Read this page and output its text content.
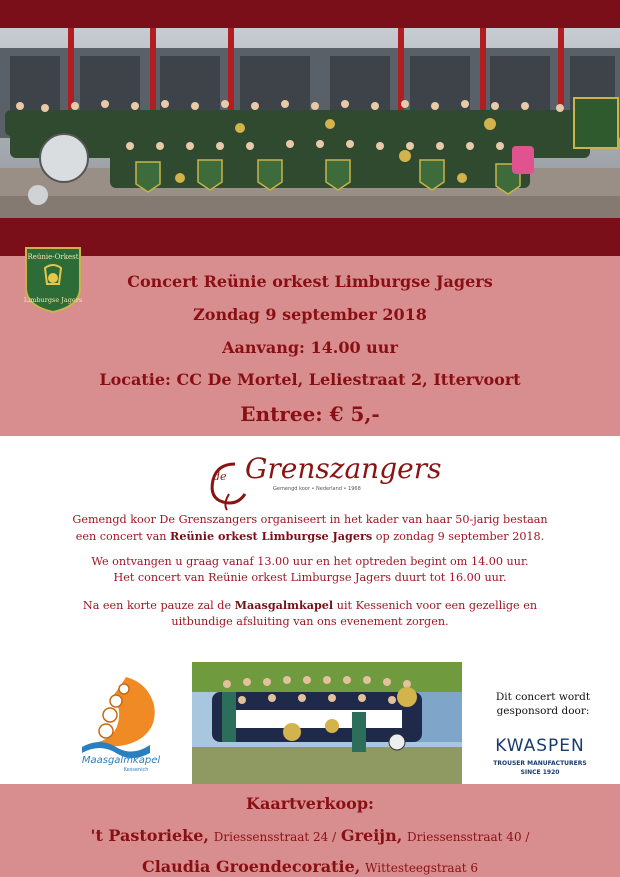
Reünie-Orkest
Limburgse Jagers
Concert Reünie orkest Limburgse Jagers
Zondag 9 september 2018
Aanvang: 14.00 uur
Locatie: CC De Mortel, Leliestraat 2, Ittervoort
Entree: € 5,-
de Grenszangers
Gemengd koor • Nederland • 1968
Gemengd koor De Grenszangers organiseert in het kader van haar 50-jarig bestaan
een concert van Reünie orkest Limburgse Jagers op zondag 9 september 2018.
We ontvangen u graag vanaf 13.00 uur en het optreden begint om 14.00 uur.
Het concert van Reünie orkest Limburgse Jagers duurt tot 16.00 uur.
Na een korte pauze zal de Maasgalmkapel uit Kessenich voor een gezellige en
uitbundige afsluiting van ons evenement zorgen.
Maasgalmkapel
Kessenich
Dit concert wordt
gesponsord door:
KWASPEN
TROUSER MANUFACTURERS
SINCE 1920
Kaartverkoop:
't Pastorieke, Driessensstraat 24 / Greijn, Driessensstraat 40 /
Claudia Groendecoratie, Wittesteegstraat 6
